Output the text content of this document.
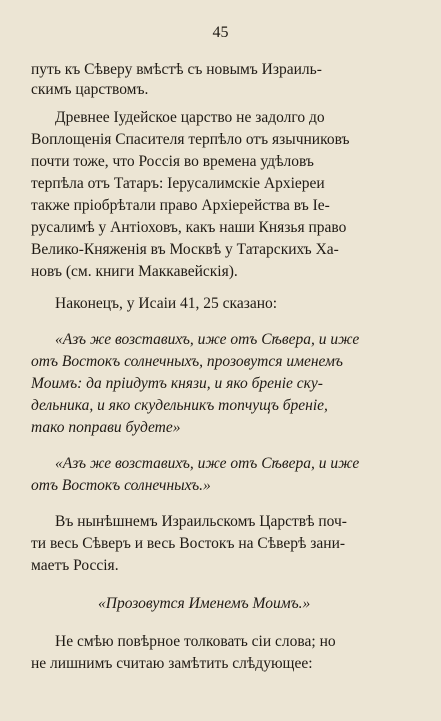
45
путь къ Сѣверу вмѣстѣ съ новымъ Израиль-
скимъ царствомъ.
Древнее Іудейское царство не задолго до
Воплощенія Спасителя терпѣло отъ язычниковъ
почти тоже, что Россія во времена удѣловъ
терпѣла отъ Татаръ: Іерусалимскіе Архіереи
также пріобрѣтали право Архіерейства въ Іе-
русалимѣ у Антіоховъ, какъ наши Князья право
Велико-Княженія въ Москвѣ у Татарскихъ Ха-
новъ (см. книги Маккавейскія).
Наконецъ, у Исаіи 41, 25 сказано:
«Азъ же возставихъ, иже отъ Сѣвера, и иже
отъ Востокъ солнечныхъ, прозовутся именемъ
Моимъ: да пріидутъ князи, и яко бреніе ску-
дельника, и яко скудельникъ топчущъ бреніе,
тако поправи будете»
«Азъ же возставихъ, иже отъ Сѣвера, и иже
отъ Востокъ солнечныхъ.»
Въ нынѣшнемъ Израильскомъ Царствѣ поч-
ти весь Сѣверъ и весь Востокъ на Сѣверѣ зани-
маетъ Россія.
«Прозовутся Именемъ Моимъ.»
Не смѣю повѣрное толковать сіи слова; но
не лишнимъ считаю замѣтить слѣдующее:
